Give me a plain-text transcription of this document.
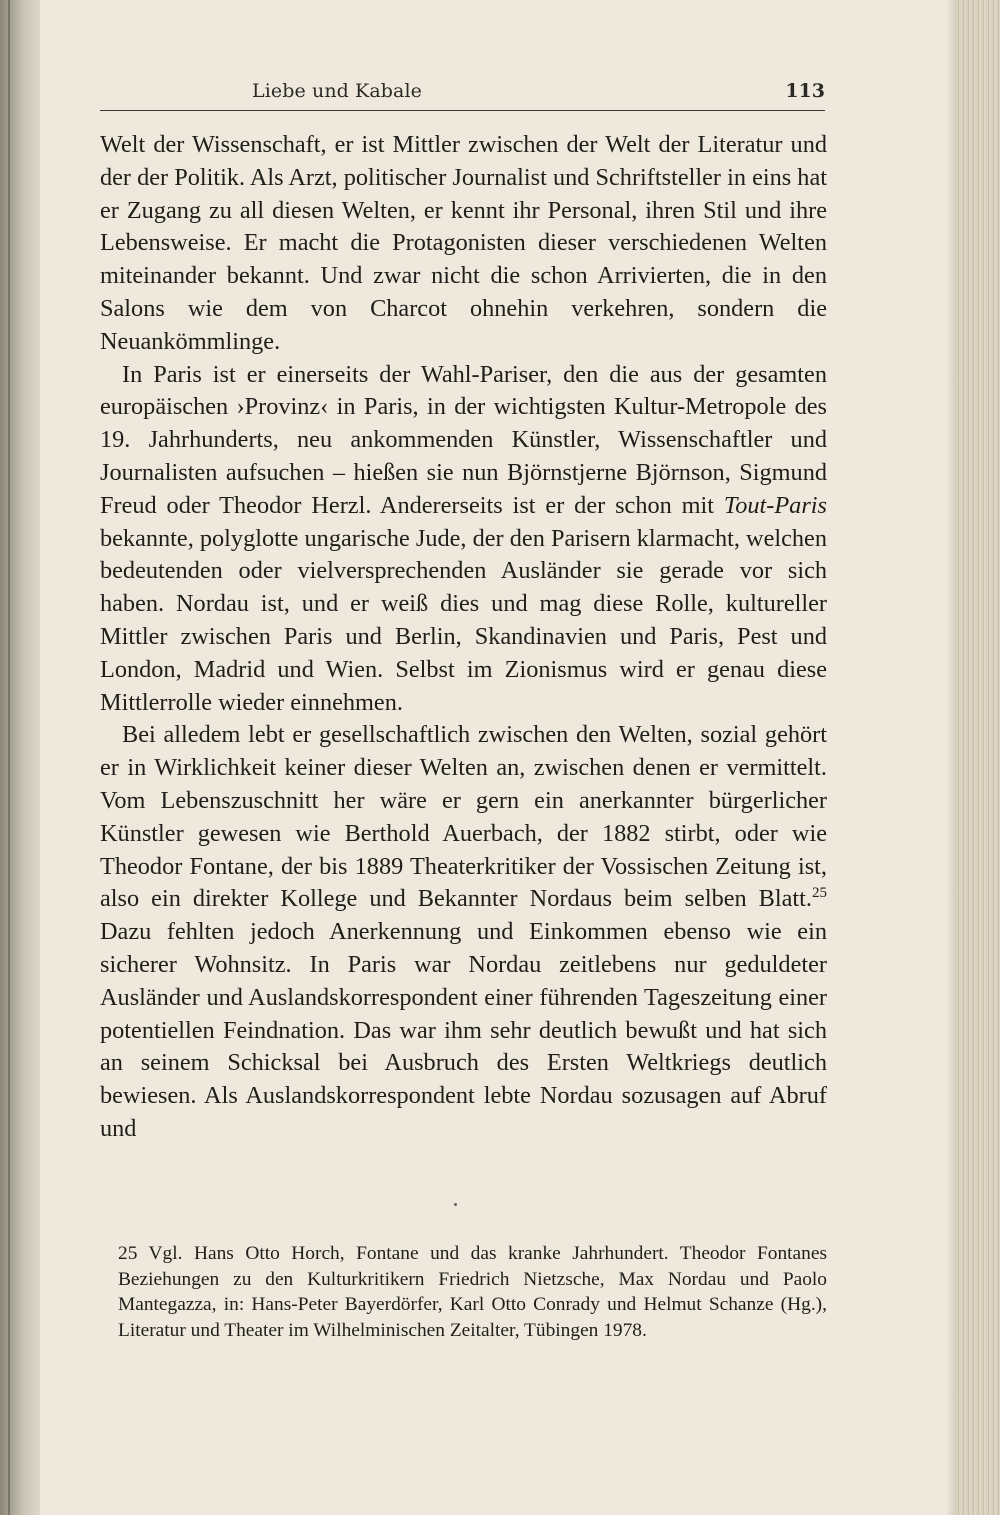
Liebe und Kabale	113

Welt der Wissenschaft, er ist Mittler zwischen der Welt der Literatur und der der Politik. Als Arzt, politischer Journalist und Schriftsteller in eins hat er Zugang zu all diesen Welten, er kennt ihr Personal, ihren Stil und ihre Lebensweise. Er macht die Protagonisten dieser verschiedenen Welten miteinander bekannt. Und zwar nicht die schon Arrivierten, die in den Salons wie dem von Charcot ohnehin verkehren, sondern die Neuankömmlinge.

In Paris ist er einerseits der Wahl-Pariser, den die aus der gesamten europäischen ›Provinz‹ in Paris, in der wichtigsten Kultur-Metropole des 19. Jahrhunderts, neu ankommenden Künstler, Wissenschaftler und Journalisten aufsuchen – hießen sie nun Björnstjerne Björnson, Sigmund Freud oder Theodor Herzl. Andererseits ist er der schon mit Tout-Paris bekannte, polyglotte ungarische Jude, der den Parisern klarmacht, welchen bedeutenden oder vielversprechenden Ausländer sie gerade vor sich haben. Nordau ist, und er weiß dies und mag diese Rolle, kultureller Mittler zwischen Paris und Berlin, Skandinavien und Paris, Pest und London, Madrid und Wien. Selbst im Zionismus wird er genau diese Mittlerrolle wieder einnehmen.

Bei alledem lebt er gesellschaftlich zwischen den Welten, sozial gehört er in Wirklichkeit keiner dieser Welten an, zwischen denen er vermittelt. Vom Lebenszuschnitt her wäre er gern ein anerkannter bürgerlicher Künstler gewesen wie Berthold Auerbach, der 1882 stirbt, oder wie Theodor Fontane, der bis 1889 Theaterkritiker der Vossischen Zeitung ist, also ein direkter Kollege und Bekannter Nordaus beim selben Blatt.$^{25}$ Dazu fehlten jedoch Anerkennung und Einkommen ebenso wie ein sicherer Wohnsitz. In Paris war Nordau zeitlebens nur geduldeter Ausländer und Auslandskorrespondent einer führenden Tageszeitung einer potentiellen Feindnation. Das war ihm sehr deutlich bewußt und hat sich an seinem Schicksal bei Ausbruch des Ersten Weltkriegs deutlich bewiesen. Als Auslandskorrespondent lebte Nordau sozusagen auf Abruf und

25 Vgl. Hans Otto Horch, Fontane und das kranke Jahrhundert. Theodor Fontanes Beziehungen zu den Kulturkritikern Friedrich Nietzsche, Max Nordau und Paolo Mantegazza, in: Hans-Peter Bayerdörfer, Karl Otto Conrady und Helmut Schanze (Hg.), Literatur und Theater im Wilhelminischen Zeitalter, Tübingen 1978.
